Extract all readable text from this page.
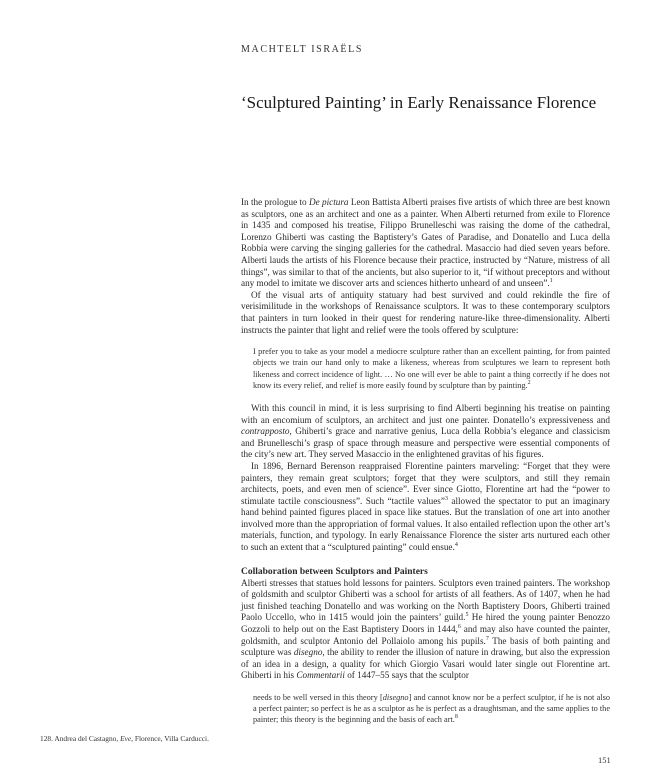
MACHTELT ISRAËLS
‘Sculptured Painting’ in Early Renaissance Florence

In the prologue to De pictura Leon Battista Alberti praises five artists of which three are best known as sculptors, one as an architect and one as a painter. When Alberti returned from exile to Florence in 1435 and composed his treatise, Filippo Brunelleschi was raising the dome of the cathedral, Lorenzo Ghiberti was casting the Baptistery’s Gates of Paradise, and Donatello and Luca della Robbia were carving the singing galleries for the cathedral. Masaccio had died seven years before. Alberti lauds the artists of his Florence because their practice, instructed by “Nature, mistress of all things”, was similar to that of the ancients, but also superior to it, “if without preceptors and without any model to imitate we discover arts and sciences hitherto unheard of and unseen”.$^1$

Of the visual arts of antiquity statuary had best survived and could rekindle the fire of verisimilitude in the workshops of Renaissance sculptors. It was to these contemporary sculptors that painters in turn looked in their quest for rendering nature-like three-dimensionality. Alberti instructs the painter that light and relief were the tools offered by sculpture:

I prefer you to take as your model a mediocre sculpture rather than an excellent painting, for from painted objects we train our hand only to make a likeness, whereas from sculptures we learn to represent both likeness and correct incidence of light. … No one will ever be able to paint a thing correctly if he does not know its every relief, and relief is more easily found by sculpture than by painting.$^2$

With this council in mind, it is less surprising to find Alberti beginning his treatise on painting with an encomium of sculptors, an architect and just one painter. Donatello’s expressiveness and contrapposto, Ghiberti’s grace and narrative genius, Luca della Robbia’s elegance and classicism and Brunelleschi’s grasp of space through measure and perspective were essential components of the city’s new art. They served Masaccio in the enlightened gravitas of his figures.

In 1896, Bernard Berenson reappraised Florentine painters marveling: “Forget that they were painters, they remain great sculptors; forget that they were sculptors, and still they remain architects, poets, and even men of science”. Ever since Giotto, Florentine art had the “power to stimulate tactile consciousness”. Such “tactile values”$^3$ allowed the spectator to put an imaginary hand behind painted figures placed in space like statues. But the translation of one art into another involved more than the appropriation of formal values. It also entailed reflection upon the other art’s materials, function, and typology. In early Renaissance Florence the sister arts nurtured each other to such an extent that a “sculptured painting” could ensue.$^4$

Collaboration between Sculptors and Painters

Alberti stresses that statues hold lessons for painters. Sculptors even trained painters. The workshop of goldsmith and sculptor Ghiberti was a school for artists of all feathers. As of 1407, when he had just finished teaching Donatello and was working on the North Baptistery Doors, Ghiberti trained Paolo Uccello, who in 1415 would join the painters’ guild.$^5$ He hired the young painter Benozzo Gozzoli to help out on the East Baptistery Doors in 1444,$^6$ and may also have counted the painter, goldsmith, and sculptor Antonio del Pollaiolo among his pupils.$^7$ The basis of both painting and sculpture was disegno, the ability to render the illusion of nature in drawing, but also the expression of an idea in a design, a quality for which Giorgio Vasari would later single out Florentine art. Ghiberti in his Commentarii of 1447–55 says that the sculptor

needs to be well versed in this theory [disegno] and cannot know nor be a perfect sculptor, if he is not also a perfect painter; so perfect is he as a sculptor as he is perfect as a draughtsman, and the same applies to the painter; this theory is the beginning and the basis of each art.$^8$
128. Andrea del Castagno, Eve, Florence, Villa Carducci.
151
